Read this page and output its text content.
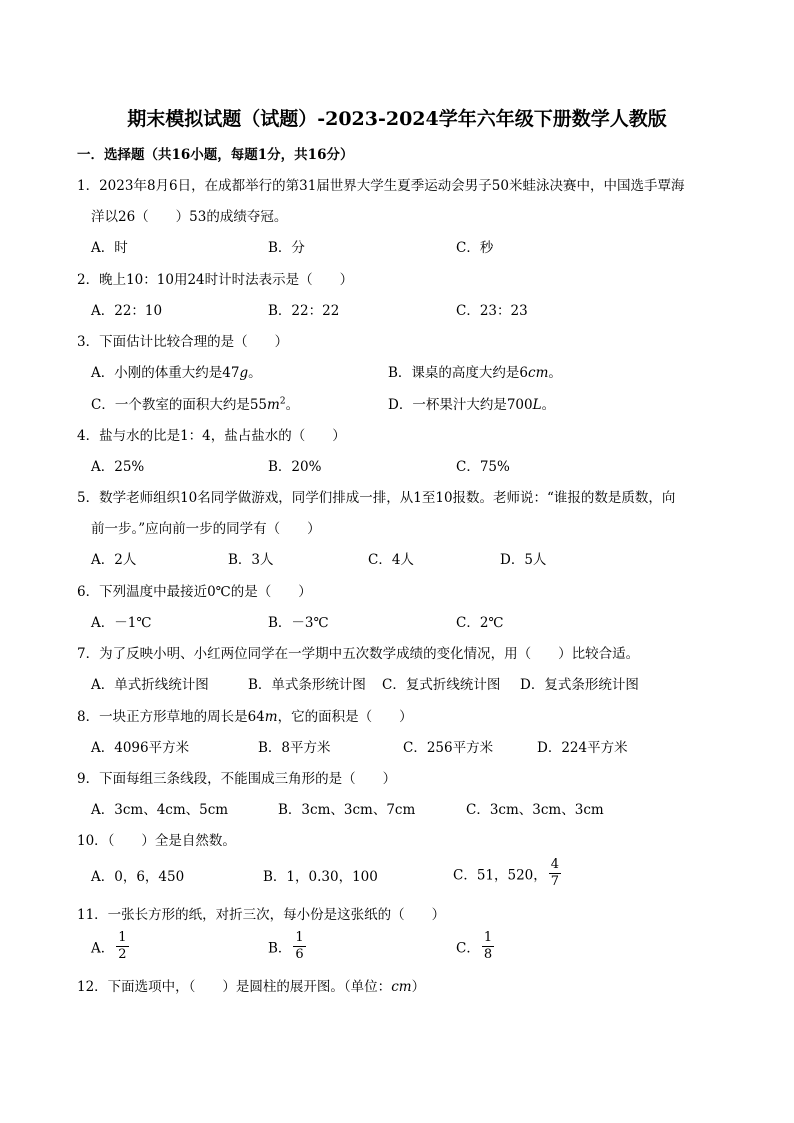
期末模拟试题（试题）-2023-2024学年六年级下册数学人教版
一．选择题（共16小题，每题1分，共16分）
1．2023年8月6日，在成都举行的第31届世界大学生夏季运动会男子50米蛙泳决赛中，中国选手覃海
洋以26（　　）53的成绩夺冠。
A．时	B．分	C．秒
2．晚上10：10用24时计时法表示是（　　）
A．22：10	B．22：22	C．23：23
3．下面估计比较合理的是（　　）
A．小刚的体重大约是47g。	B．课桌的高度大约是6cm。
C．一个教室的面积大约是$55m^2$。	D．一杯果汁大约是700L。
4．盐与水的比是1：4，盐占盐水的（　　）
A．25%	B．20%	C．75%
5．数学老师组织10名同学做游戏，同学们排成一排，从1至10报数。老师说：“谁报的数是质数，向
前一步。”应向前一步的同学有（　　）
A．2人	B．3人	C．4人	D．5人
6．下列温度中最接近0℃的是（　　）
A．－1℃	B．－3℃	C．2℃
7．为了反映小明、小红两位同学在一学期中五次数学成绩的变化情况，用（　　）比较合适。
A．单式折线统计图	B．单式条形统计图 C．复式折线统计图 D．复式条形统计图
8．一块正方形草地的周长是64m，它的面积是（　　）
A．4096平方米	B．8平方米	C．256平方米	D．224平方米
9．下面每组三条线段，不能围成三角形的是（　　）
A．3cm、4cm、5cm	B．3cm、3cm、7cm	C．3cm、3cm、3cm
10．（　　）全是自然数。
A．0，6，450	B．1，0.30，100	C．51，520， $\frac{4}{7}$
11．一张长方形的纸，对折三次，每小份是这张纸的（　　）
A． $\frac{1}{2}$	B． $\frac{1}{6}$	C． $\frac{1}{8}$
12．下面选项中，（　　）是圆柱的展开图。（单位：cm）
